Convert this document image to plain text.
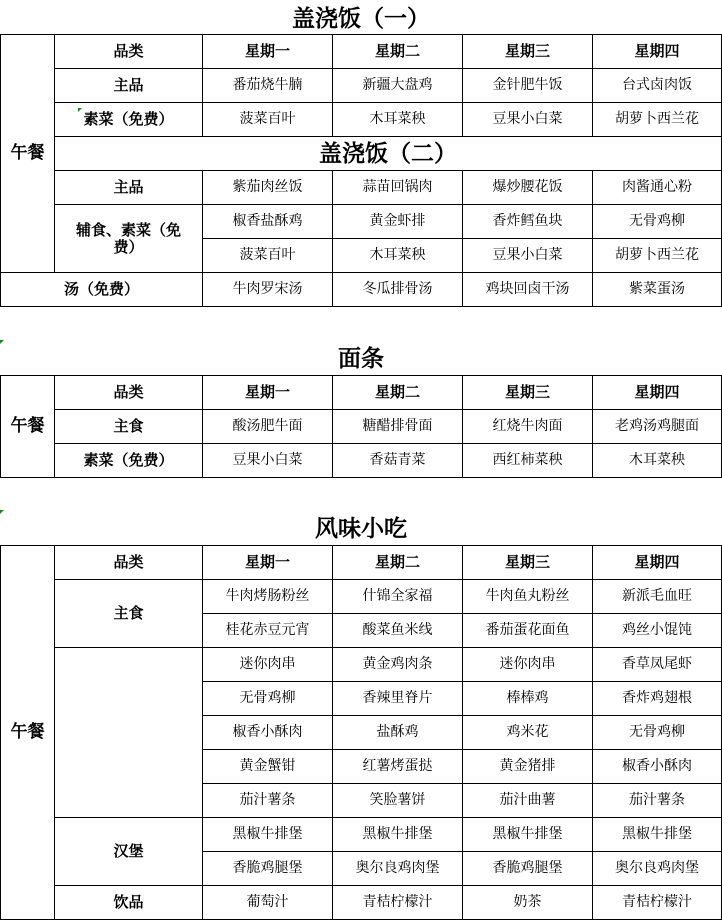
盖浇饭（一）
午餐	品类	星期一	星期二	星期三	星期四
	主品	番茄烧牛腩	新疆大盘鸡	金针肥牛饭	台式卤肉饭
	素菜（免费）	菠菜百叶	木耳菜秧	豆果小白菜	胡萝卜西兰花
	盖浇饭（二）				
	主品	紫茄肉丝饭	蒜苗回锅肉	爆炒腰花饭	肉酱通心粉
	辅食、素菜（免费）	椒香盐酥鸡	黄金虾排	香炸鳕鱼块	无骨鸡柳
		菠菜百叶	木耳菜秧	豆果小白菜	胡萝卜西兰花
汤（免费）	牛肉罗宋汤	冬瓜排骨汤	鸡块回卤干汤	紫菜蛋汤
面条
午餐	品类	星期一	星期二	星期三	星期四
	主食	酸汤肥牛面	糖醋排骨面	红烧牛肉面	老鸡汤鸡腿面
	素菜（免费）	豆果小白菜	香菇青菜	西红柿菜秧	木耳菜秧
风味小吃
午餐	品类	星期一	星期二	星期三	星期四
	主食	牛肉烤肠粉丝	什锦全家福	牛肉鱼丸粉丝	新派毛血旺
		桂花赤豆元宵	酸菜鱼米线	番茄蛋花面鱼	鸡丝小馄饨
		迷你肉串	黄金鸡肉条	迷你肉串	香草凤尾虾
		无骨鸡柳	香辣里脊片	棒棒鸡	香炸鸡翅根
		椒香小酥肉	盐酥鸡	鸡米花	无骨鸡柳
		黄金蟹钳	红薯烤蛋挞	黄金猪排	椒香小酥肉
		茄汁薯条	笑脸薯饼	茄汁曲薯	茄汁薯条
	汉堡	黑椒牛排堡	黑椒牛排堡	黑椒牛排堡	黑椒牛排堡
		香脆鸡腿堡	奥尔良鸡肉堡	香脆鸡腿堡	奥尔良鸡肉堡
	饮品	葡萄汁	青桔柠檬汁	奶茶	青桔柠檬汁
